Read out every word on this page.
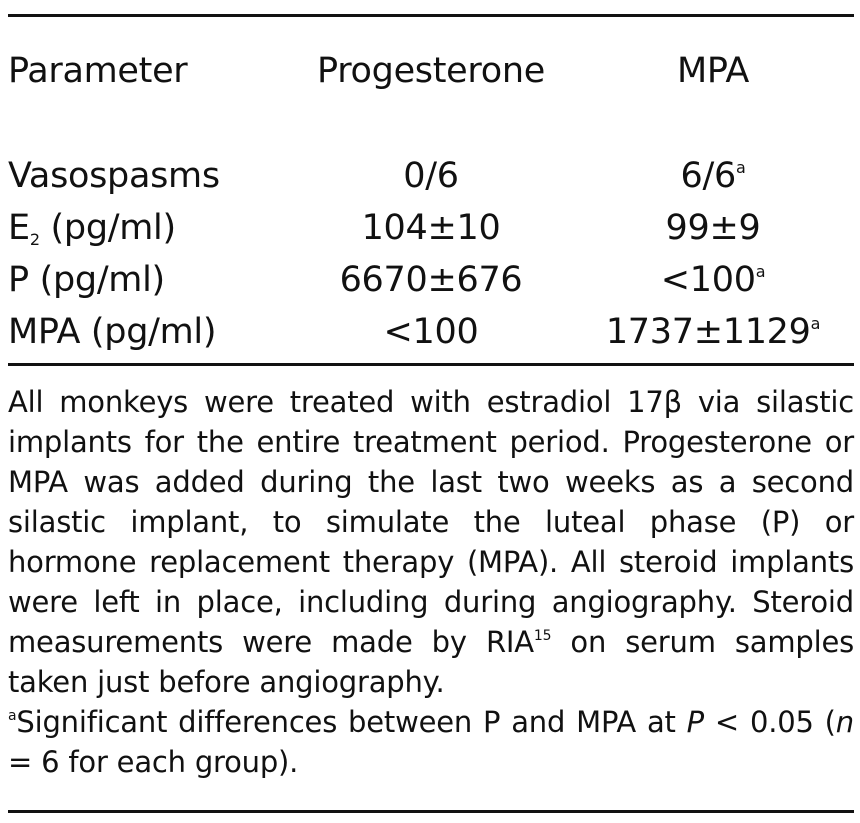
Parameter	Progesterone	MPA

Vasospasms	0/6	6/6$^a$
$E_2$ (pg/ml)	104±10	99±9
P (pg/ml)	6670±676	$<100^a$
MPA (pg/ml)	<100	$1737\pm 1129^a$

All monkeys were treated with estradiol 17β via silastic implants for the entire treatment period. Progesterone or MPA was added during the last two weeks as a second silastic implant, to simulate the luteal phase (P) or hormone replacement therapy (MPA). All steroid implants were left in place, including during angiography. Steroid measurements were made by RIA$^{15}$ on serum samples taken just before angiography.

$^a$Significant differences between P and MPA at P < 0.05 (n = 6 for each group).
